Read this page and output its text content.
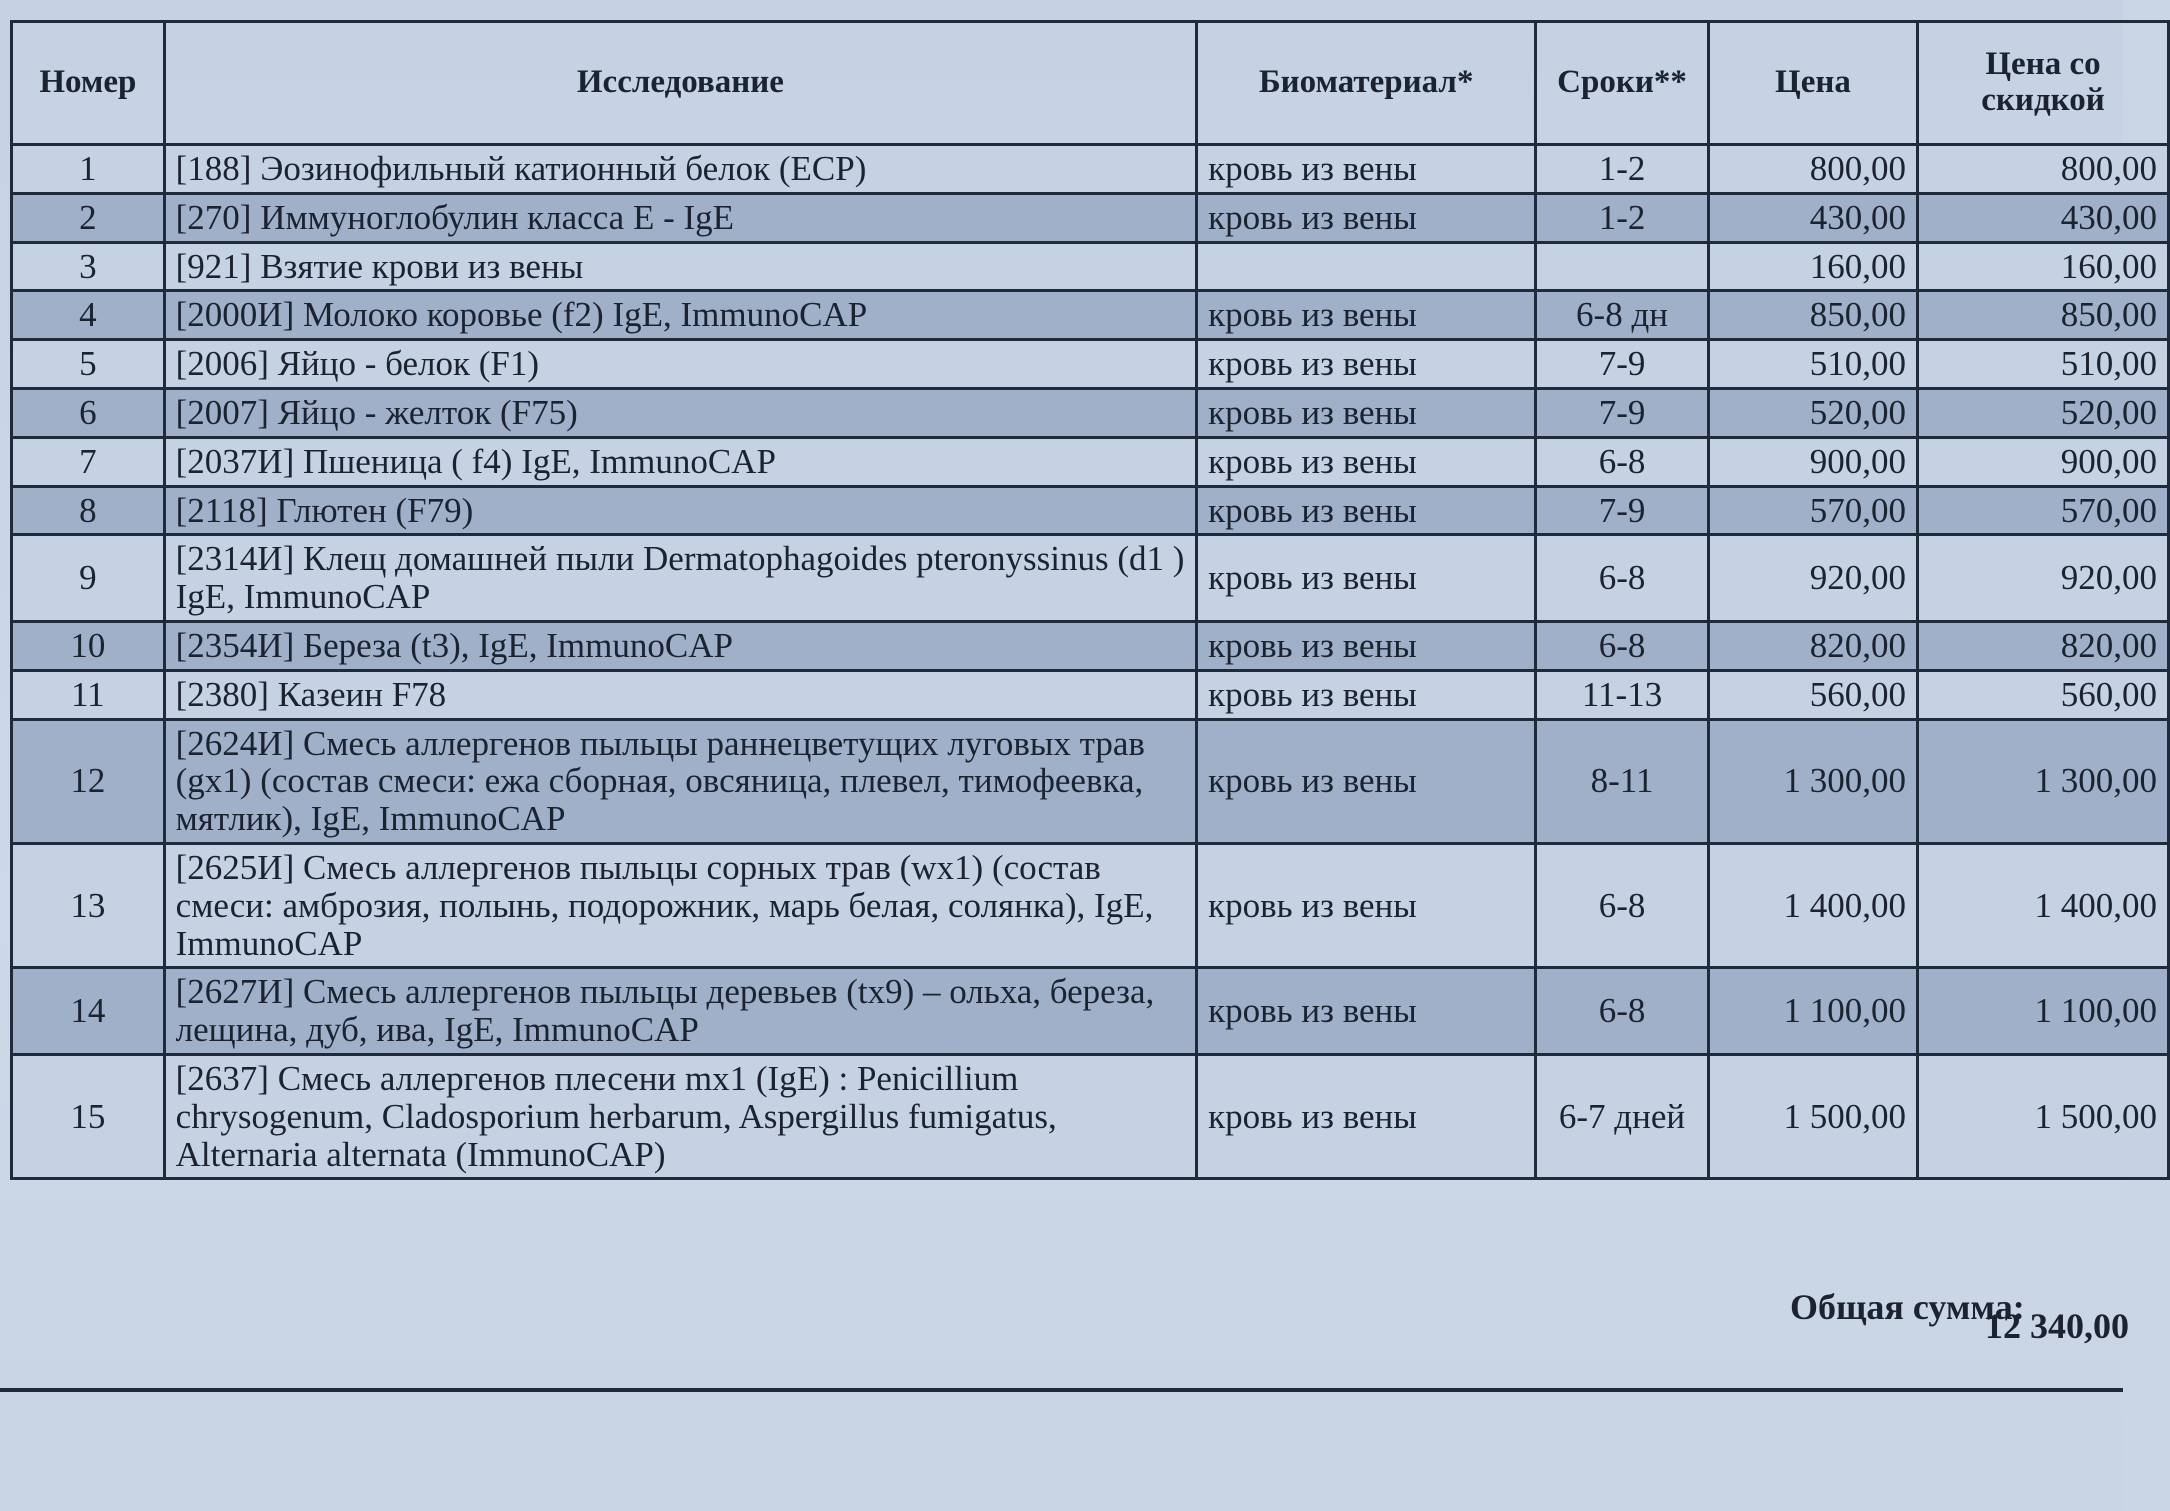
Номер	Исследование	Биоматериал*	Сроки**	Цена	Цена со скидкой
1	[188] Эозинофильный катионный белок (ECP)	кровь из вены	1-2	800,00	800,00
2	[270] Иммуноглобулин класса E - IgE	кровь из вены	1-2	430,00	430,00
3	[921] Взятие крови из вены			160,00	160,00
4	[2000И] Молоко коровье (f2) IgE, ImmunoCAP	кровь из вены	6-8 дн	850,00	850,00
5	[2006] Яйцо - белок (F1)	кровь из вены	7-9	510,00	510,00
6	[2007] Яйцо - желток (F75)	кровь из вены	7-9	520,00	520,00
7	[2037И] Пшеница ( f4) IgE, ImmunoCAP	кровь из вены	6-8	900,00	900,00
8	[2118] Глютен (F79)	кровь из вены	7-9	570,00	570,00
9	[2314И] Клещ домашней пыли Dermatophagoides pteronyssinus (d1 ) IgE, ImmunoCAP	кровь из вены	6-8	920,00	920,00
10	[2354И] Береза (t3), IgE, ImmunoCAP	кровь из вены	6-8	820,00	820,00
11	[2380] Казеин F78	кровь из вены	11-13	560,00	560,00
12	[2624И] Смесь аллергенов пыльцы раннецветущих луговых трав (gx1) (состав смеси: ежа сборная, овсяница, плевел, тимофеевка, мятлик), IgE, ImmunoCAP	кровь из вены	8-11	1 300,00	1 300,00
13	[2625И] Смесь аллергенов пыльцы сорных трав (wx1) (состав смеси: амброзия, полынь, подорожник, марь белая, солянка), IgE, ImmunoCAP	кровь из вены	6-8	1 400,00	1 400,00
14	[2627И] Смесь аллергенов пыльцы деревьев (tx9) – ольха, береза, лещина, дуб, ива, IgE, ImmunoCAP	кровь из вены	6-8	1 100,00	1 100,00
15	[2637] Смесь аллергенов плесени mx1 (IgE) : Penicillium chrysogenum, Cladosporium herbarum, Aspergillus fumigatus, Alternaria alternata (ImmunoCAP)	кровь из вены	6-7 дней	1 500,00	1 500,00
Общая сумма:
12 340,00
